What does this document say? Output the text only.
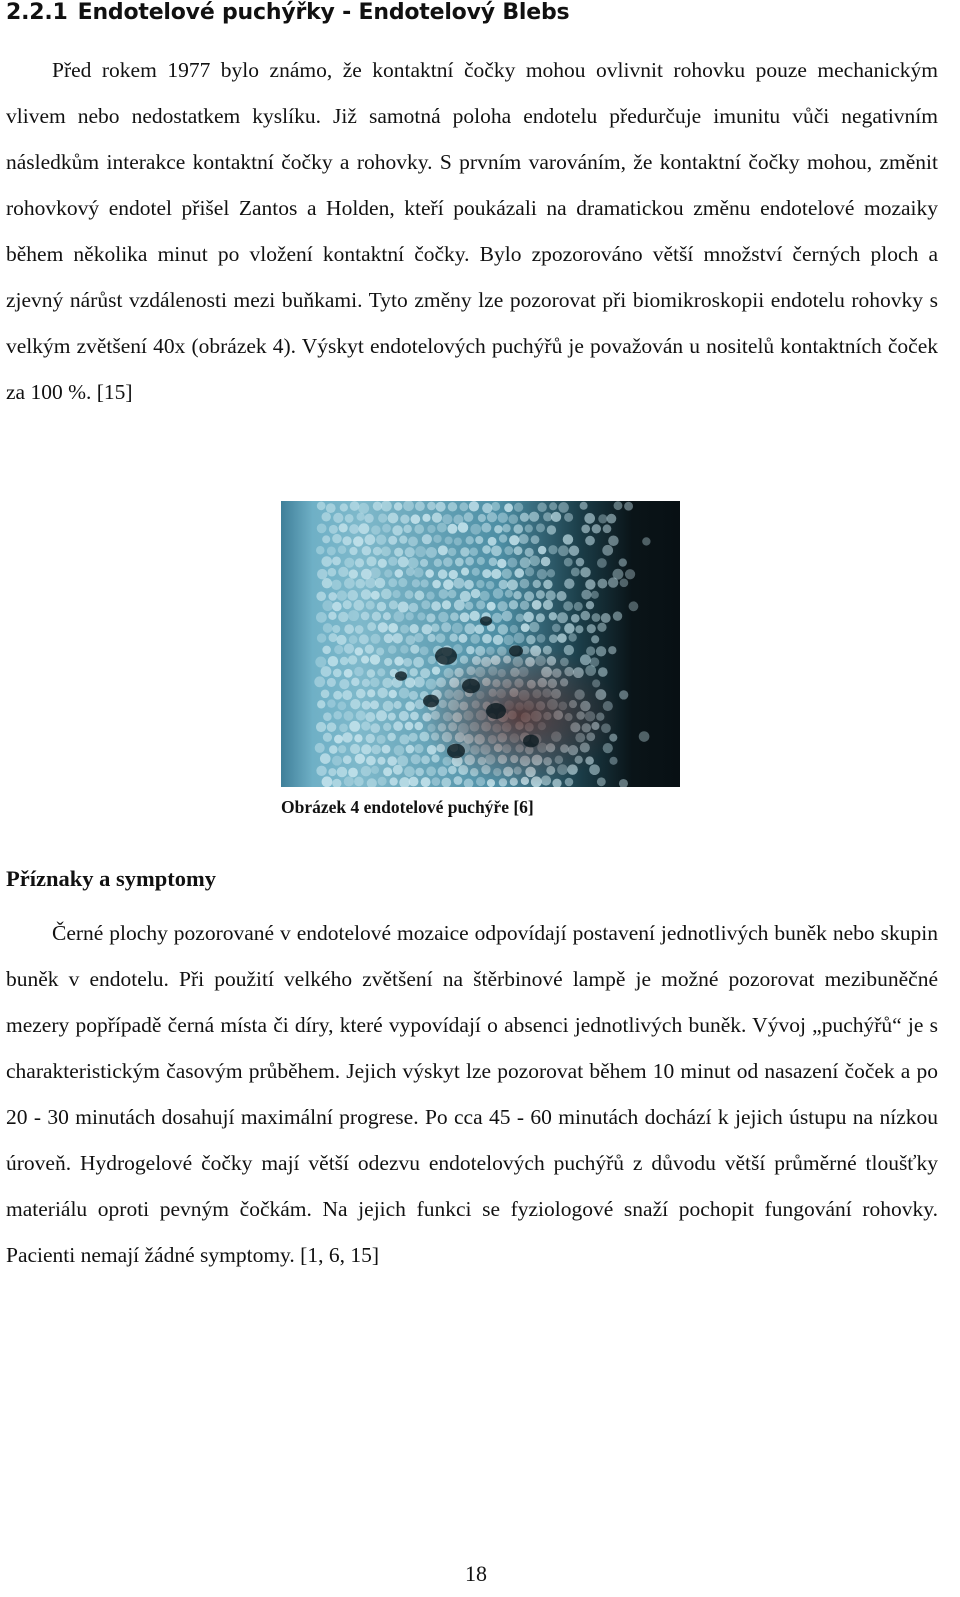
2.2.1 Endotelové puchýřky - Endotelový Blebs

Před rokem 1977 bylo známo, že kontaktní čočky mohou ovlivnit rohovku pouze mechanickým vlivem nebo nedostatkem kyslíku. Již samotná poloha endotelu předurčuje imunitu vůči negativním následkům interakce kontaktní čočky a rohovky. S prvním varováním, že kontaktní čočky mohou, změnit rohovkový endotel přišel Zantos a Holden, kteří poukázali na dramatickou změnu endotelové mozaiky během několika minut po vložení kontaktní čočky. Bylo zpozorováno větší množství černých ploch a zjevný nárůst vzdálenosti mezi buňkami. Tyto změny lze pozorovat při biomikroskopii endotelu rohovky s velkým zvětšení 40x (obrázek 4). Výskyt endotelových puchýřů je považován u nositelů kontaktních čoček za 100 %. [15]

Obrázek 4 endotelové puchýře [6]

Příznaky a symptomy

Černé plochy pozorované v endotelové mozaice odpovídají postavení jednotlivých buněk nebo skupin buněk v endotelu. Při použití velkého zvětšení na štěrbinové lampě je možné pozorovat mezibuněčné mezery popřípadě černá místa či díry, které vypovídají o absenci jednotlivých buněk. Vývoj „puchýřů“ je s charakteristickým časovým průběhem. Jejich výskyt lze pozorovat během 10 minut od nasazení čoček a po 20 - 30 minutách dosahují maximální progrese. Po cca 45 - 60 minutách dochází k jejich ústupu na nízkou úroveň. Hydrogelové čočky mají větší odezvu endotelových puchýřů z důvodu větší průměrné tloušťky materiálu oproti pevným čočkám. Na jejich funkci se fyziologové snaží pochopit fungování rohovky. Pacienti nemají žádné symptomy. [1, 6, 15]

18
